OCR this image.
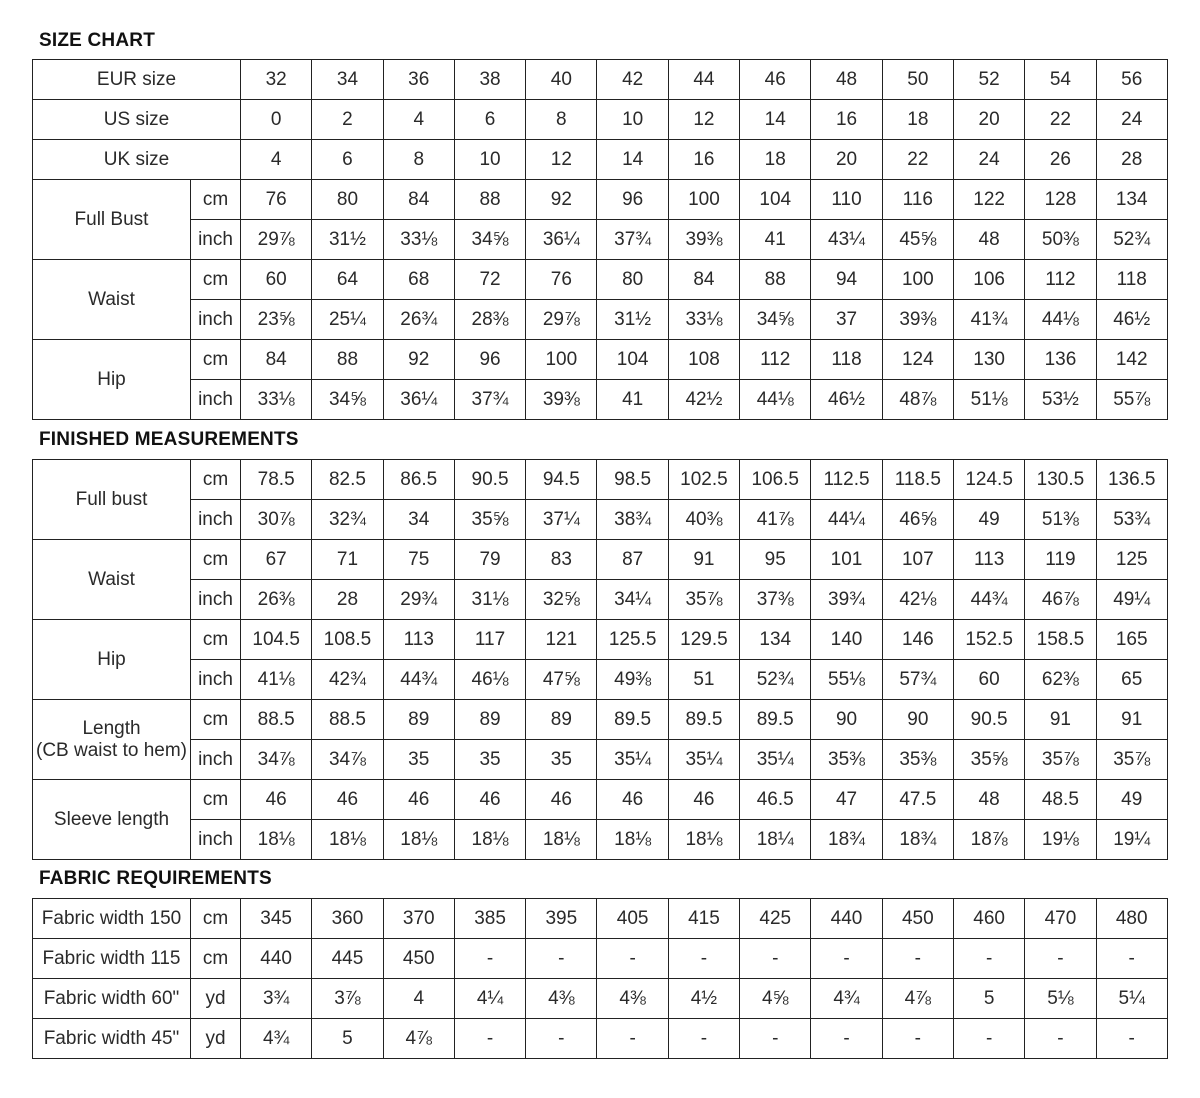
SIZE CHART
EUR size		32	34	36	38	40	42	44	46	48	50	52	54	56
US size		0	2	4	6	8	10	12	14	16	18	20	22	24
UK size		4	6	8	10	12	14	16	18	20	22	24	26	28
Full Bust	cm	76	80	84	88	92	96	100	104	110	116	122	128	134
	inch	29⅞	31½	33⅛	34⅝	36¼	37¾	39⅜	41	43¼	45⅝	48	50⅜	52¾
Waist	cm	60	64	68	72	76	80	84	88	94	100	106	112	118
	inch	23⅝	25¼	26¾	28⅜	29⅞	31½	33⅛	34⅝	37	39⅜	41¾	44⅛	46½
Hip	cm	84	88	92	96	100	104	108	112	118	124	130	136	142
	inch	33⅛	34⅝	36¼	37¾	39⅜	41	42½	44⅛	46½	48⅞	51⅛	53½	55⅞
FINISHED MEASUREMENTS
Full bust	cm	78.5	82.5	86.5	90.5	94.5	98.5	102.5	106.5	112.5	118.5	124.5	130.5	136.5
	inch	30⅞	32¾	34	35⅝	37¼	38¾	40⅜	41⅞	44¼	46⅝	49	51⅜	53¾
Waist	cm	67	71	75	79	83	87	91	95	101	107	113	119	125
	inch	26⅜	28	29¾	31⅛	32⅝	34¼	35⅞	37⅜	39¾	42⅛	44¾	46⅞	49¼
Hip	cm	104.5	108.5	113	117	121	125.5	129.5	134	140	146	152.5	158.5	165
	inch	41⅛	42¾	44¾	46⅛	47⅝	49⅜	51	52¾	55⅛	57¾	60	62⅜	65

Length
(CB waist to hem)	cm	88.5	88.5	89	89	89	89.5	89.5	89.5	90	90	90.5	91	91
	inch	34⅞	34⅞	35	35	35	35¼	35¼	35¼	35⅜	35⅜	35⅝	35⅞	35⅞
Sleeve length	cm	46	46	46	46	46	46	46	46.5	47	47.5	48	48.5	49
	inch	18⅛	18⅛	18⅛	18⅛	18⅛	18⅛	18⅛	18¼	18¾	18¾	18⅞	19⅛	19¼
FABRIC REQUIREMENTS
Fabric width 150	cm	345	360	370	385	395	405	415	425	440	450	460	470	480
Fabric width 115	cm	440	445	450	-	-	-	-	-	-	-	-	-	-
Fabric width 60"	yd	3¾	3⅞	4	4¼	4⅜	4⅜	4½	4⅝	4¾	4⅞	5	5⅛	5¼
Fabric width 45"	yd	4¾	5	4⅞	-	-	-	-	-	-	-	-	-	-
